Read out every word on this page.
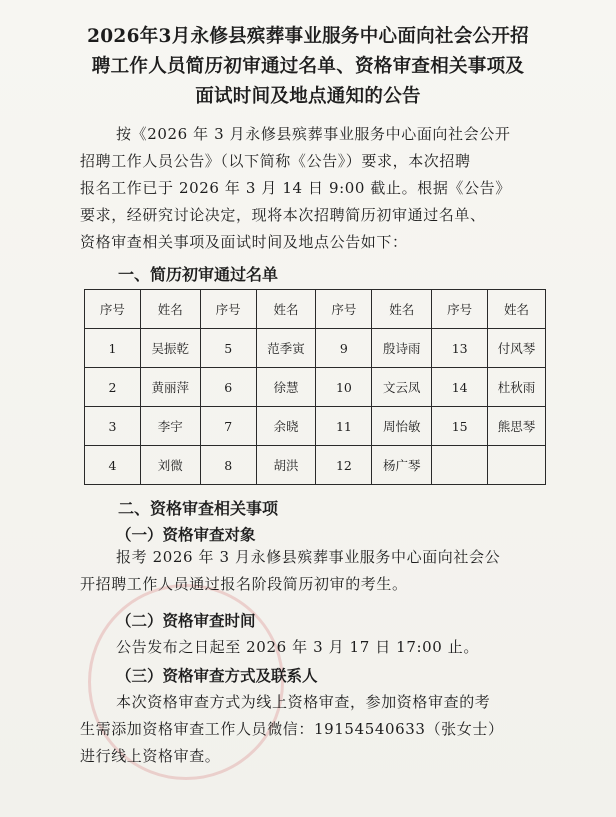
2026年3月永修县殡葬事业服务中心面向社会公开招
聘工作人员简历初审通过名单、资格审查相关事项及
面试时间及地点通知的公告
按《2026 年 3 月永修县殡葬事业服务中心面向社会公开
招聘工作人员公告》（以下简称《公告》）要求，本次招聘
报名工作已于 2026 年 3 月 14 日 9:00 截止。根据《公告》
要求，经研究讨论决定，现将本次招聘简历初审通过名单、
资格审查相关事项及面试时间及地点公告如下：
一、简历初审通过名单
序号	姓名	序号	姓名	序号	姓名	序号	姓名
1	吴振乾	5	范季寅	9	殷诗雨	13	付风琴
2	黄丽萍	6	徐慧	10	文云凤	14	杜秋雨
3	李宇	7	余晓	11	周怡敏	15	熊思琴
4	刘微	8	胡洪	12	杨广琴		
二、资格审查相关事项
（一）资格审查对象
报考 2026 年 3 月永修县殡葬事业服务中心面向社会公
开招聘工作人员通过报名阶段简历初审的考生。
（二）资格审查时间
公告发布之日起至 2026 年 3 月 17 日 17:00 止。
（三）资格审查方式及联系人
本次资格审查方式为线上资格审查，参加资格审查的考
生需添加资格审查工作人员微信：19154540633（张女士）
进行线上资格审查。
